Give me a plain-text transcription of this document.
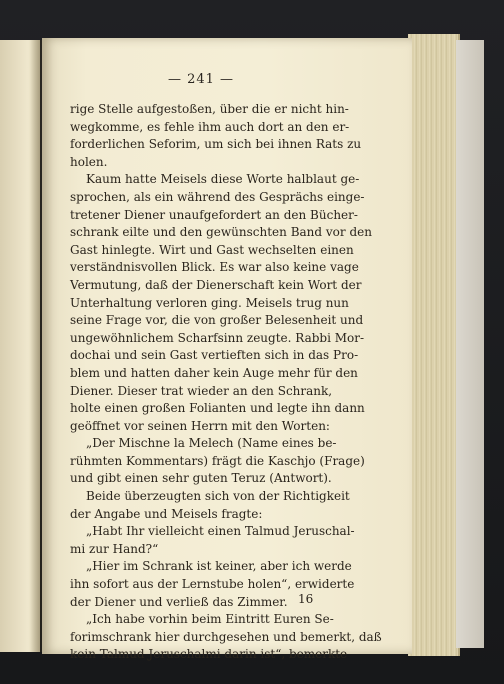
— 241 —
rige Stelle aufgestoßen, über die er nicht hin-
wegkomme, es fehle ihm auch dort an den er-
forderlichen Seforim, um sich bei ihnen Rats zu
holen.
Kaum hatte Meisels diese Worte halblaut ge-
sprochen, als ein während des Gesprächs einge-
tretener Diener unaufgefordert an den Bücher-
schrank eilte und den gewünschten Band vor den
Gast hinlegte. Wirt und Gast wechselten einen
verständnisvollen Blick. Es war also keine vage
Vermutung, daß der Dienerschaft kein Wort der
Unterhaltung verloren ging. Meisels trug nun
seine Frage vor, die von großer Belesenheit und
ungewöhnlichem Scharfsinn zeugte. Rabbi Mor-
dochai und sein Gast vertieften sich in das Pro-
blem und hatten daher kein Auge mehr für den
Diener. Dieser trat wieder an den Schrank,
holte einen großen Folianten und legte ihn dann
geöffnet vor seinen Herrn mit den Worten:
„Der Mischne la Melech (Name eines be-
rühmten Kommentars) frägt die Kaschjo (Frage)
und gibt einen sehr guten Teruz (Antwort).
Beide überzeugten sich von der Richtigkeit
der Angabe und Meisels fragte:
„Habt Ihr vielleicht einen Talmud Jeruschal-
mi zur Hand?“
„Hier im Schrank ist keiner, aber ich werde
ihn sofort aus der Lernstube holen“, erwiderte
der Diener und verließ das Zimmer.
„Ich habe vorhin beim Eintritt Euren Se-
forimschrank hier durchgesehen und bemerkt, daß
kein Talmud Jeruschalmi darin ist“, bemerkte
16
